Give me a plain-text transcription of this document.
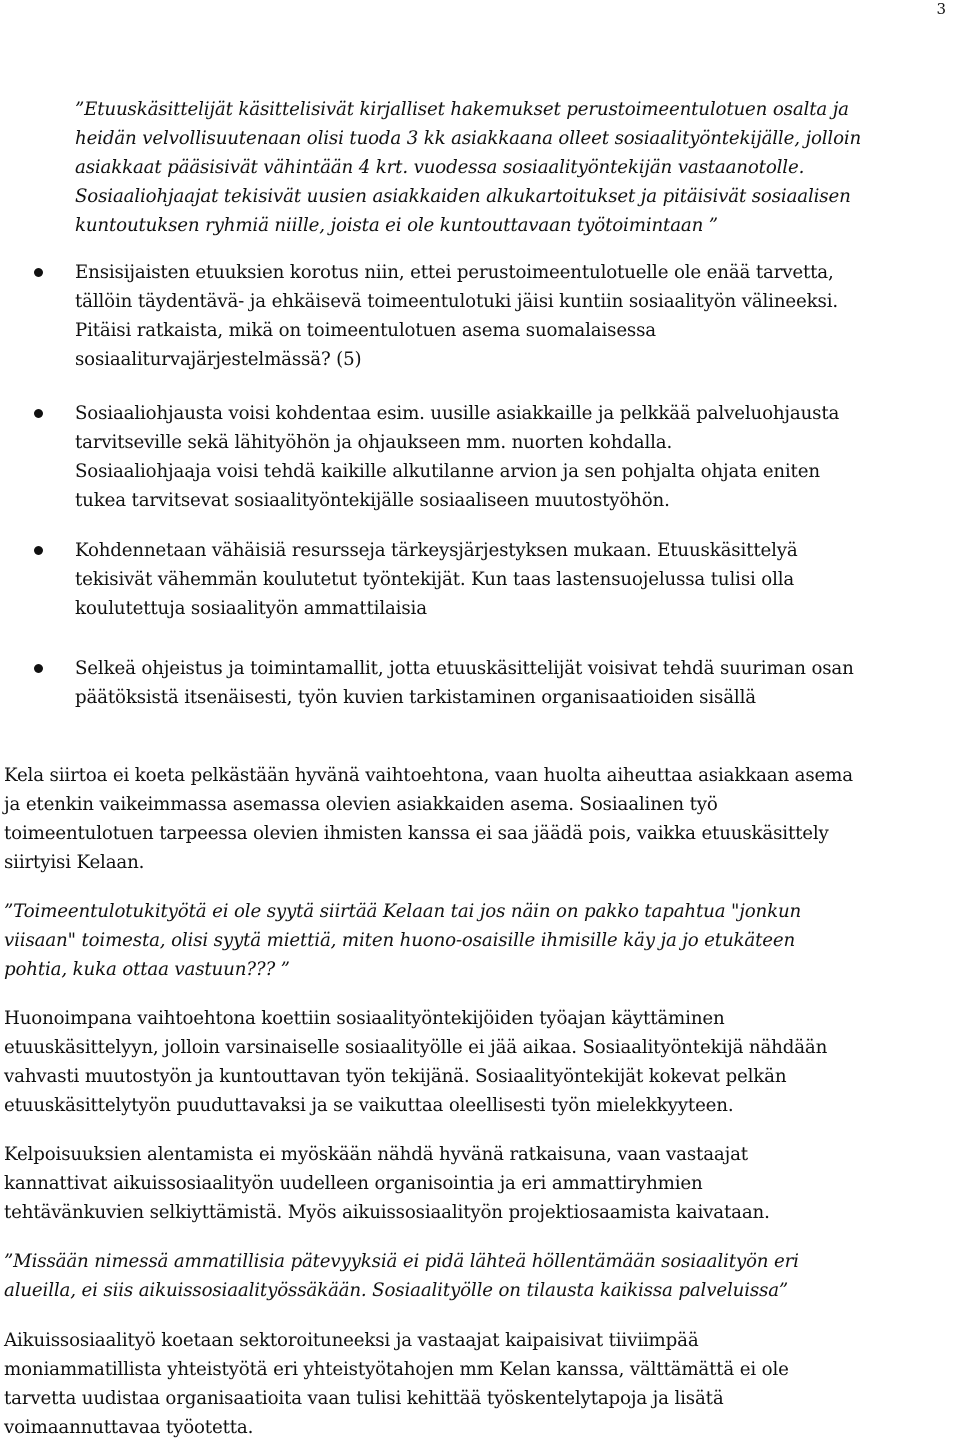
3
”Etuuskäsittelijät käsittelisivät kirjalliset hakemukset perustoimeentulotuen osalta ja
heidän velvollisuutenaan olisi tuoda 3 kk asiakkaana olleet sosiaalityöntekijälle, jolloin
asiakkaat pääsisivät vähintään 4 krt. vuodessa sosiaalityöntekijän vastaanotolle.
Sosiaaliohjaajat tekisivät uusien asiakkaiden alkukartoitukset ja pitäisivät sosiaalisen
kuntoutuksen ryhmiä niille, joista ei ole kuntouttavaan työtoimintaan ”
Ensisijaisten etuuksien korotus niin, ettei perustoimeentulotuelle ole enää tarvetta,
tällöin täydentävä- ja ehkäisevä toimeentulotuki jäisi kuntiin sosiaalityön välineeksi.
Pitäisi ratkaista, mikä on toimeentulotuen asema suomalaisessa
sosiaaliturvajärjestelmässä? (5)
Sosiaaliohjausta voisi kohdentaa esim. uusille asiakkaille ja pelkkää palveluohjausta
tarvitseville sekä lähityöhön ja ohjaukseen mm. nuorten kohdalla.
Sosiaaliohjaaja voisi tehdä kaikille alkutilanne arvion ja sen pohjalta ohjata eniten
tukea tarvitsevat sosiaalityöntekijälle sosiaaliseen muutostyöhön.
Kohdennetaan vähäisiä resursseja tärkeysjärjestyksen mukaan. Etuuskäsittelyä
tekisivät vähemmän koulutetut työntekijät. Kun taas lastensuojelussa tulisi olla
koulutettuja sosiaalityön ammattilaisia
Selkeä ohjeistus ja toimintamallit, jotta etuuskäsittelijät voisivat tehdä suuriman osan
päätöksistä itsenäisesti, työn kuvien tarkistaminen organisaatioiden sisällä
Kela siirtoa ei koeta pelkästään hyvänä vaihtoehtona, vaan huolta aiheuttaa asiakkaan asema
ja etenkin vaikeimmassa asemassa olevien asiakkaiden asema. Sosiaalinen työ
toimeentulotuen tarpeessa olevien ihmisten kanssa ei saa jäädä pois, vaikka etuuskäsittely
siirtyisi Kelaan.
”Toimeentulotukityötä ei ole syytä siirtää Kelaan tai jos näin on pakko tapahtua "jonkun
viisaan" toimesta, olisi syytä miettiä, miten huono-osaisille ihmisille käy ja jo etukäteen
pohtia, kuka ottaa vastuun??? ”
Huonoimpana vaihtoehtona koettiin sosiaalityöntekijöiden työajan käyttäminen
etuuskäsittelyyn, jolloin varsinaiselle sosiaalityölle ei jää aikaa. Sosiaalityöntekijä nähdään
vahvasti muutostyön ja kuntouttavan työn tekijänä. Sosiaalityöntekijät kokevat pelkän
etuuskäsittelytyön puuduttavaksi ja se vaikuttaa oleellisesti työn mielekkyyteen.
Kelpoisuuksien alentamista ei myöskään nähdä hyvänä ratkaisuna, vaan vastaajat
kannattivat aikuissosiaalityön uudelleen organisointia ja eri ammattiryhmien
tehtävänkuvien selkiyttämistä. Myös aikuissosiaalityön projektiosaamista kaivataan.
”Missään nimessä ammatillisia pätevyyksiä ei pidä lähteä höllentämään sosiaalityön eri
alueilla, ei siis aikuissosiaalityössäkään. Sosiaalityölle on tilausta kaikissa palveluissa”
Aikuissosiaalityö koetaan sektoroituneeksi ja vastaajat kaipaisivat tiiviimpää
moniammatillista yhteistyötä eri yhteistyötahojen mm Kelan kanssa, välttämättä ei ole
tarvetta uudistaa organisaatioita vaan tulisi kehittää työskentelytapoja ja lisätä
voimaannuttavaa työotetta.
